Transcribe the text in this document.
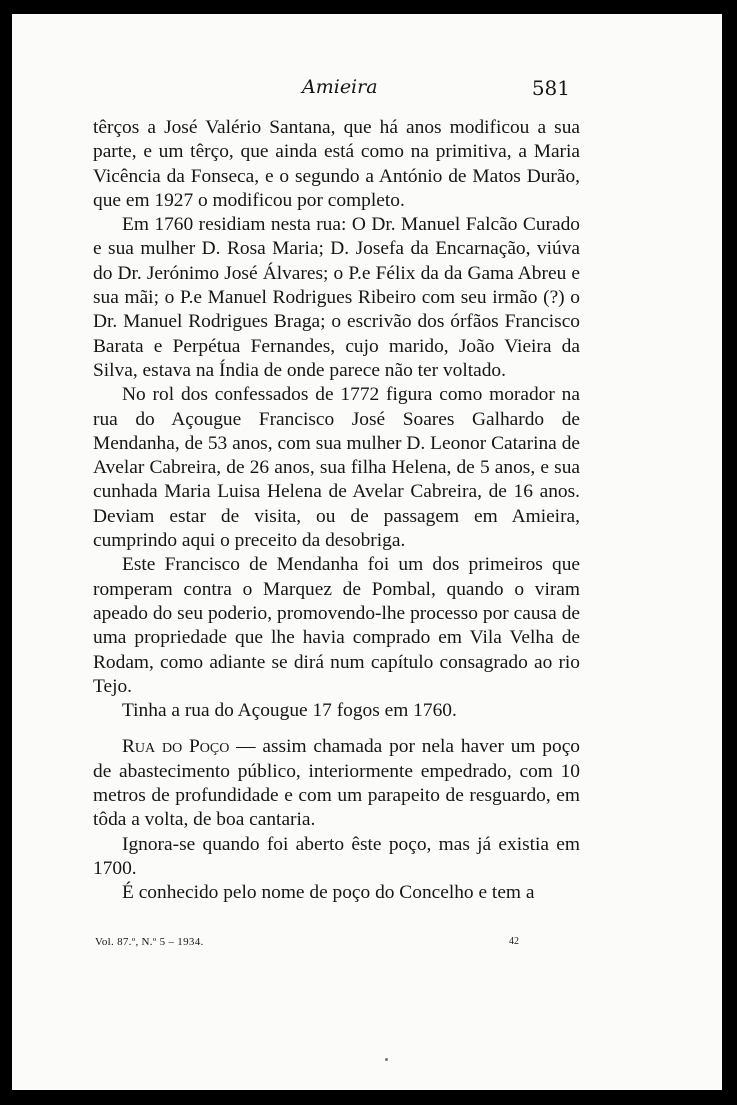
Amieira	581

têrços a José Valério Santana, que há anos modificou a sua parte, e um têrço, que ainda está como na primitiva, a Maria Vicência da Fonseca, e o segundo a António de Matos Durão, que em 1927 o modificou por completo.

Em 1760 residiam nesta rua: O Dr. Manuel Falcão Curado e sua mulher D. Rosa Maria; D. Josefa da Encarnação, viúva do Dr. Jerónimo José Álvares; o P.e Félix da da Gama Abreu e sua mãi; o P.e Manuel Rodrigues Ribeiro com seu irmão (?) o Dr. Manuel Rodrigues Braga; o escrivão dos órfãos Francisco Barata e Perpétua Fernandes, cujo marido, João Vieira da Silva, estava na Índia de onde parece não ter voltado.

No rol dos confessados de 1772 figura como morador na rua do Açougue Francisco José Soares Galhardo de Mendanha, de 53 anos, com sua mulher D. Leonor Catarina de Avelar Cabreira, de 26 anos, sua filha Helena, de 5 anos, e sua cunhada Maria Luisa Helena de Avelar Cabreira, de 16 anos. Deviam estar de visita, ou de passagem em Amieira, cumprindo aqui o preceito da desobriga.

Este Francisco de Mendanha foi um dos primeiros que romperam contra o Marquez de Pombal, quando o viram apeado do seu poderio, promovendo-lhe processo por causa de uma propriedade que lhe havia comprado em Vila Velha de Rodam, como adiante se dirá num capítulo consagrado ao rio Tejo.

Tinha a rua do Açougue 17 fogos em 1760.

Rua do Poço — assim chamada por nela haver um poço de abastecimento público, interiormente empedrado, com 10 metros de profundidade e com um parapeito de resguardo, em tôda a volta, de boa cantaria.

Ignora-se quando foi aberto êste poço, mas já existia em 1700.

É conhecido pelo nome de poço do Concelho e tem a

Vol. 87.º, N.º 5 – 1934.	42
